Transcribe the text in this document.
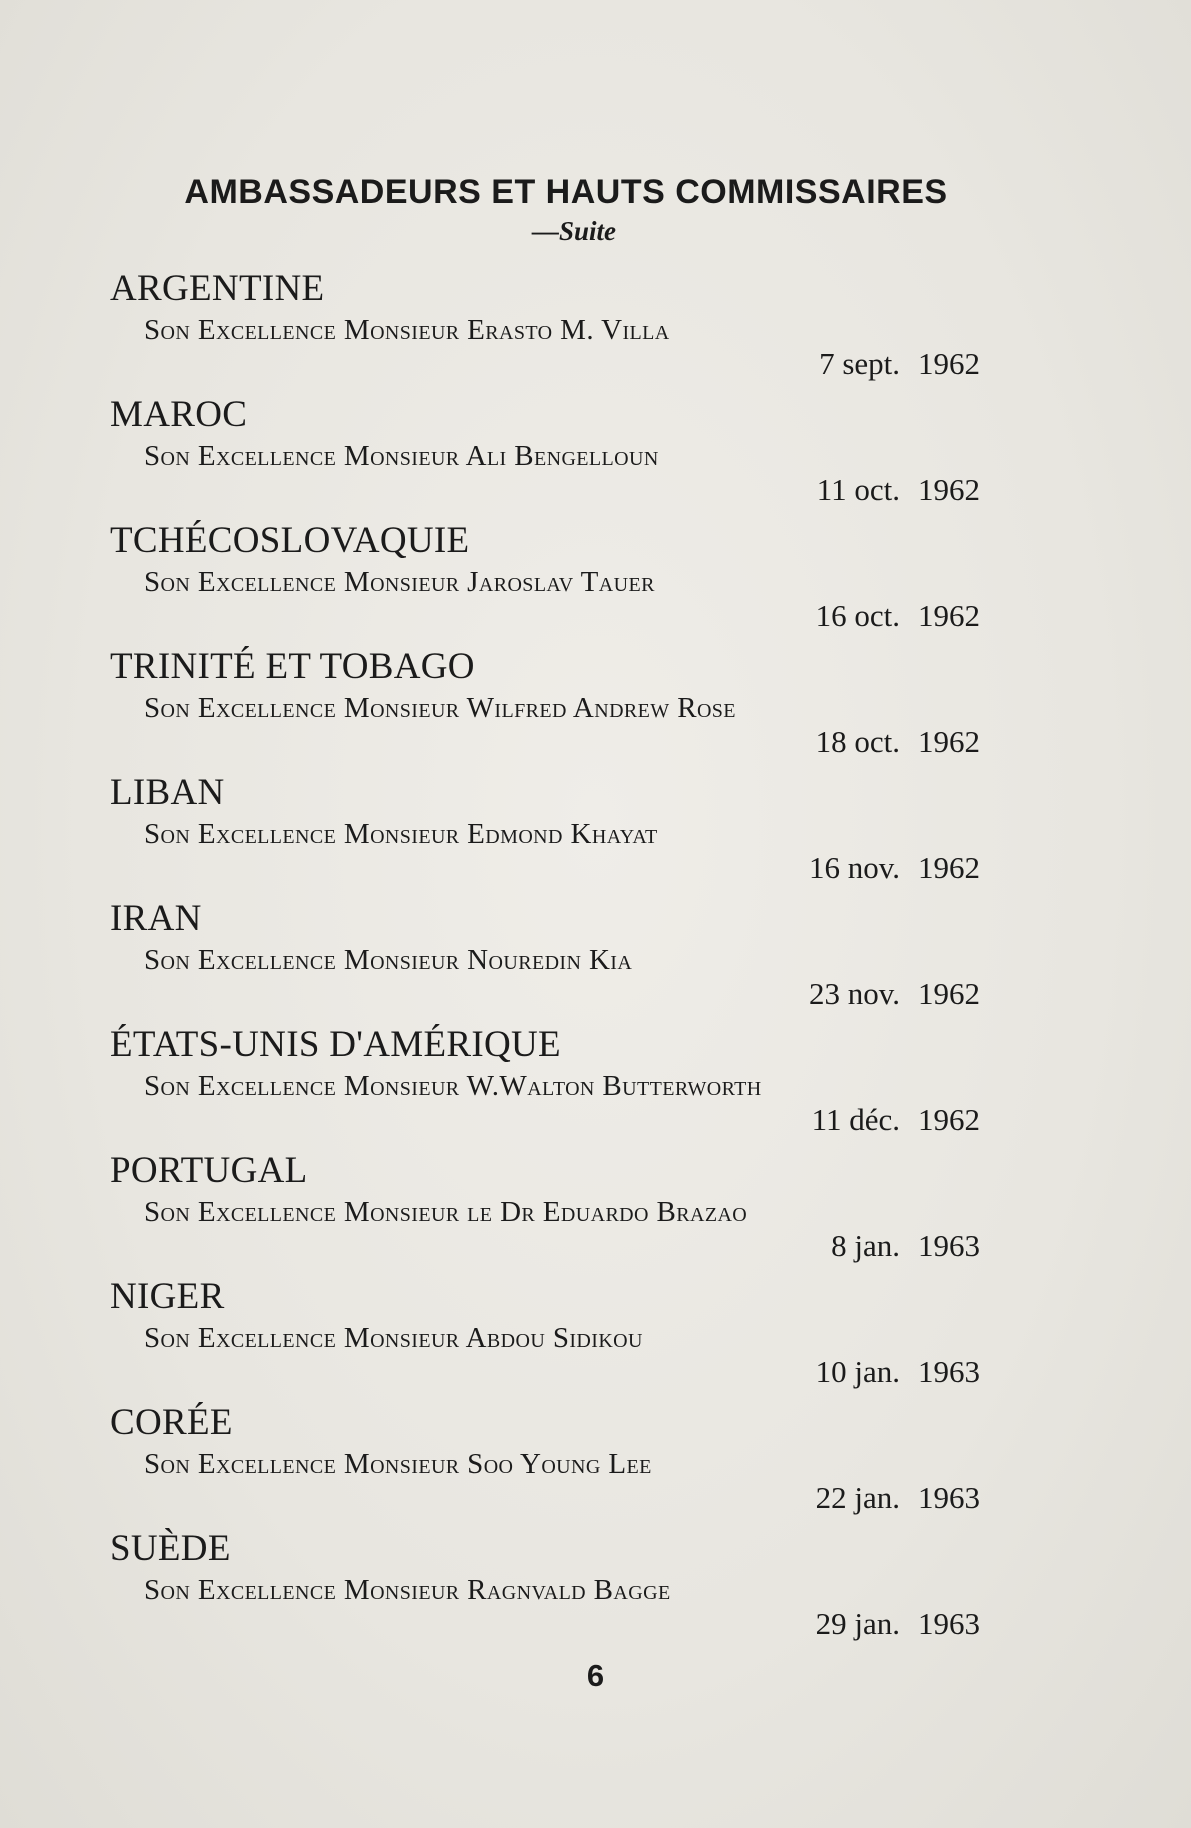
AMBASSADEURS ET HAUTS COMMISSAIRES
—Suite
ARGENTINE
Son Excellence Monsieur Erasto M. Villa
7 sept. 1962
MAROC
Son Excellence Monsieur Ali Bengelloun
11 oct. 1962
TCHÉCOSLOVAQUIE
Son Excellence Monsieur Jaroslav Tauer
16 oct. 1962
TRINITÉ ET TOBAGO
Son Excellence Monsieur Wilfred Andrew Rose
18 oct. 1962
LIBAN
Son Excellence Monsieur Edmond Khayat
16 nov. 1962
IRAN
Son Excellence Monsieur Nouredin Kia
23 nov. 1962
ÉTATS-UNIS D'AMÉRIQUE
Son Excellence Monsieur W.Walton Butterworth
11 déc. 1962
PORTUGAL
Son Excellence Monsieur le Dr Eduardo Brazao
8 jan. 1963
NIGER
Son Excellence Monsieur Abdou Sidikou
10 jan. 1963
CORÉE
Son Excellence Monsieur Soo Young Lee
22 jan. 1963
SUÈDE
Son Excellence Monsieur Ragnvald Bagge
29 jan. 1963
6
